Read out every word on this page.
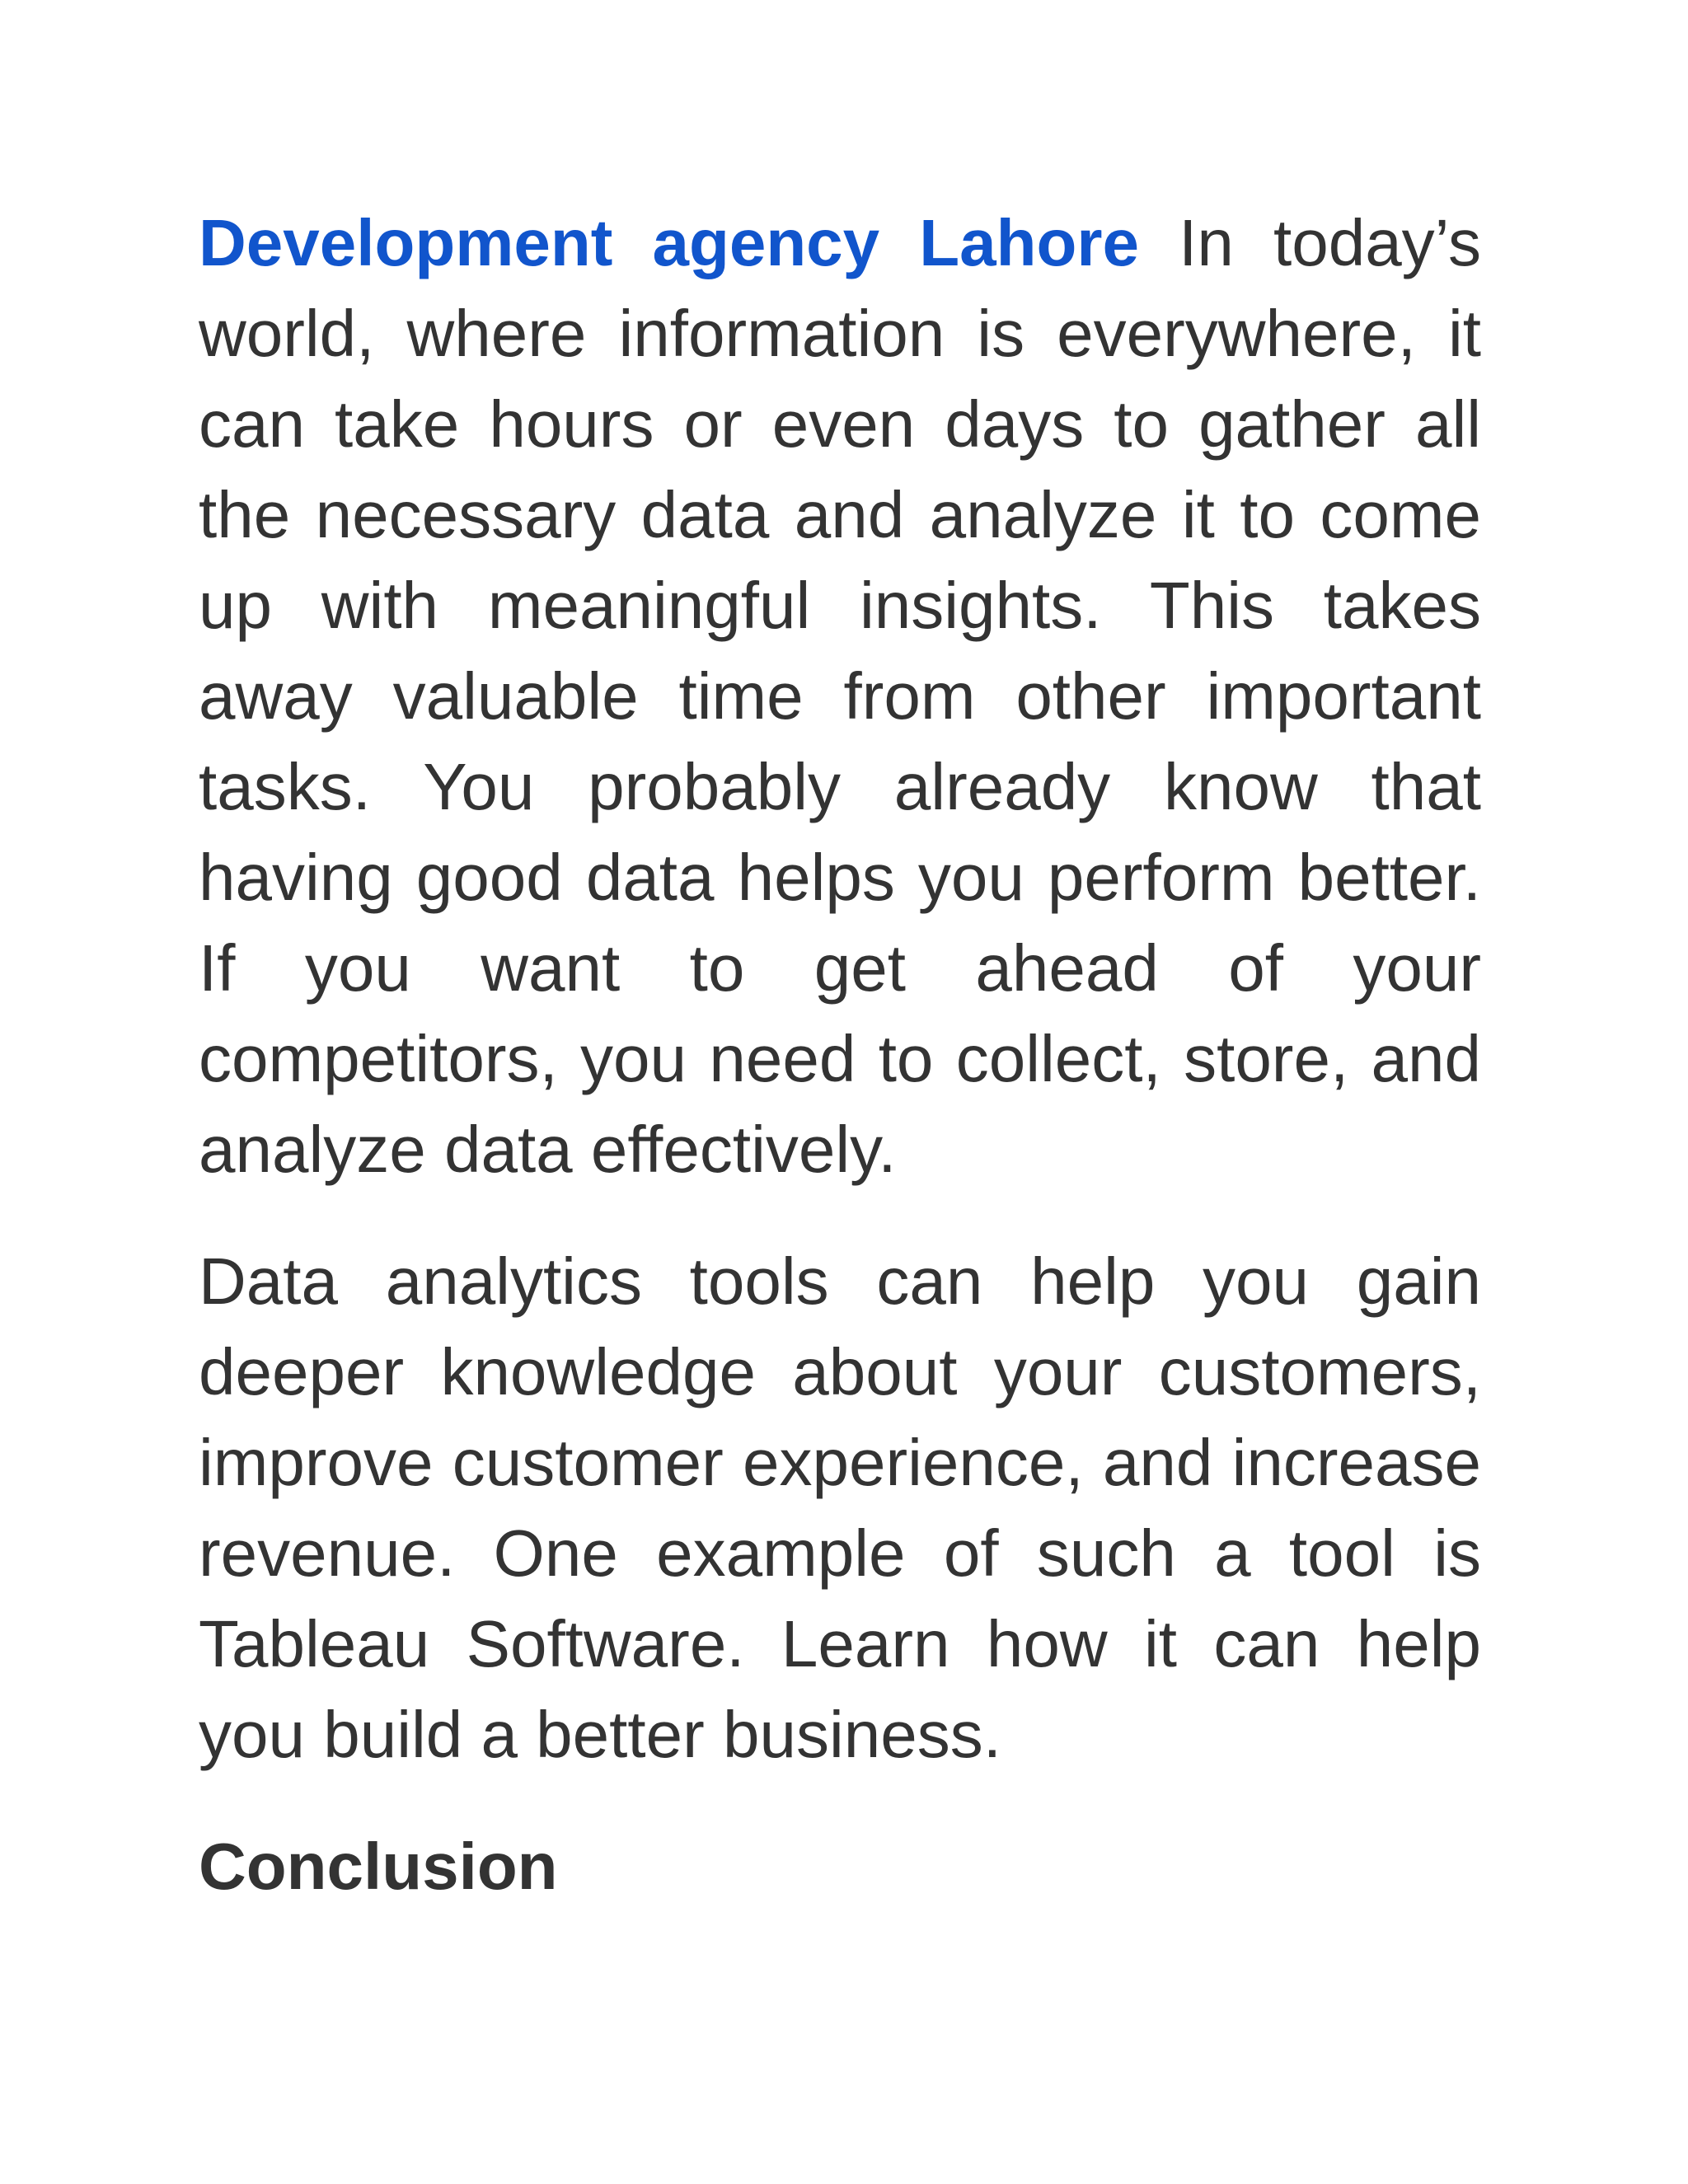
Development agency Lahore In today’s world, where information is everywhere, it can take hours or even days to gather all the necessary data and analyze it to come up with meaningful insights. This takes away valuable time from other important tasks. You probably already know that having good data helps you perform better. If you want to get ahead of your competitors, you need to collect, store, and analyze data effectively.

Data analytics tools can help you gain deeper knowledge about your customers, improve customer experience, and increase revenue. One example of such a tool is Tableau Software. Learn how it can help you build a better business.

Conclusion
